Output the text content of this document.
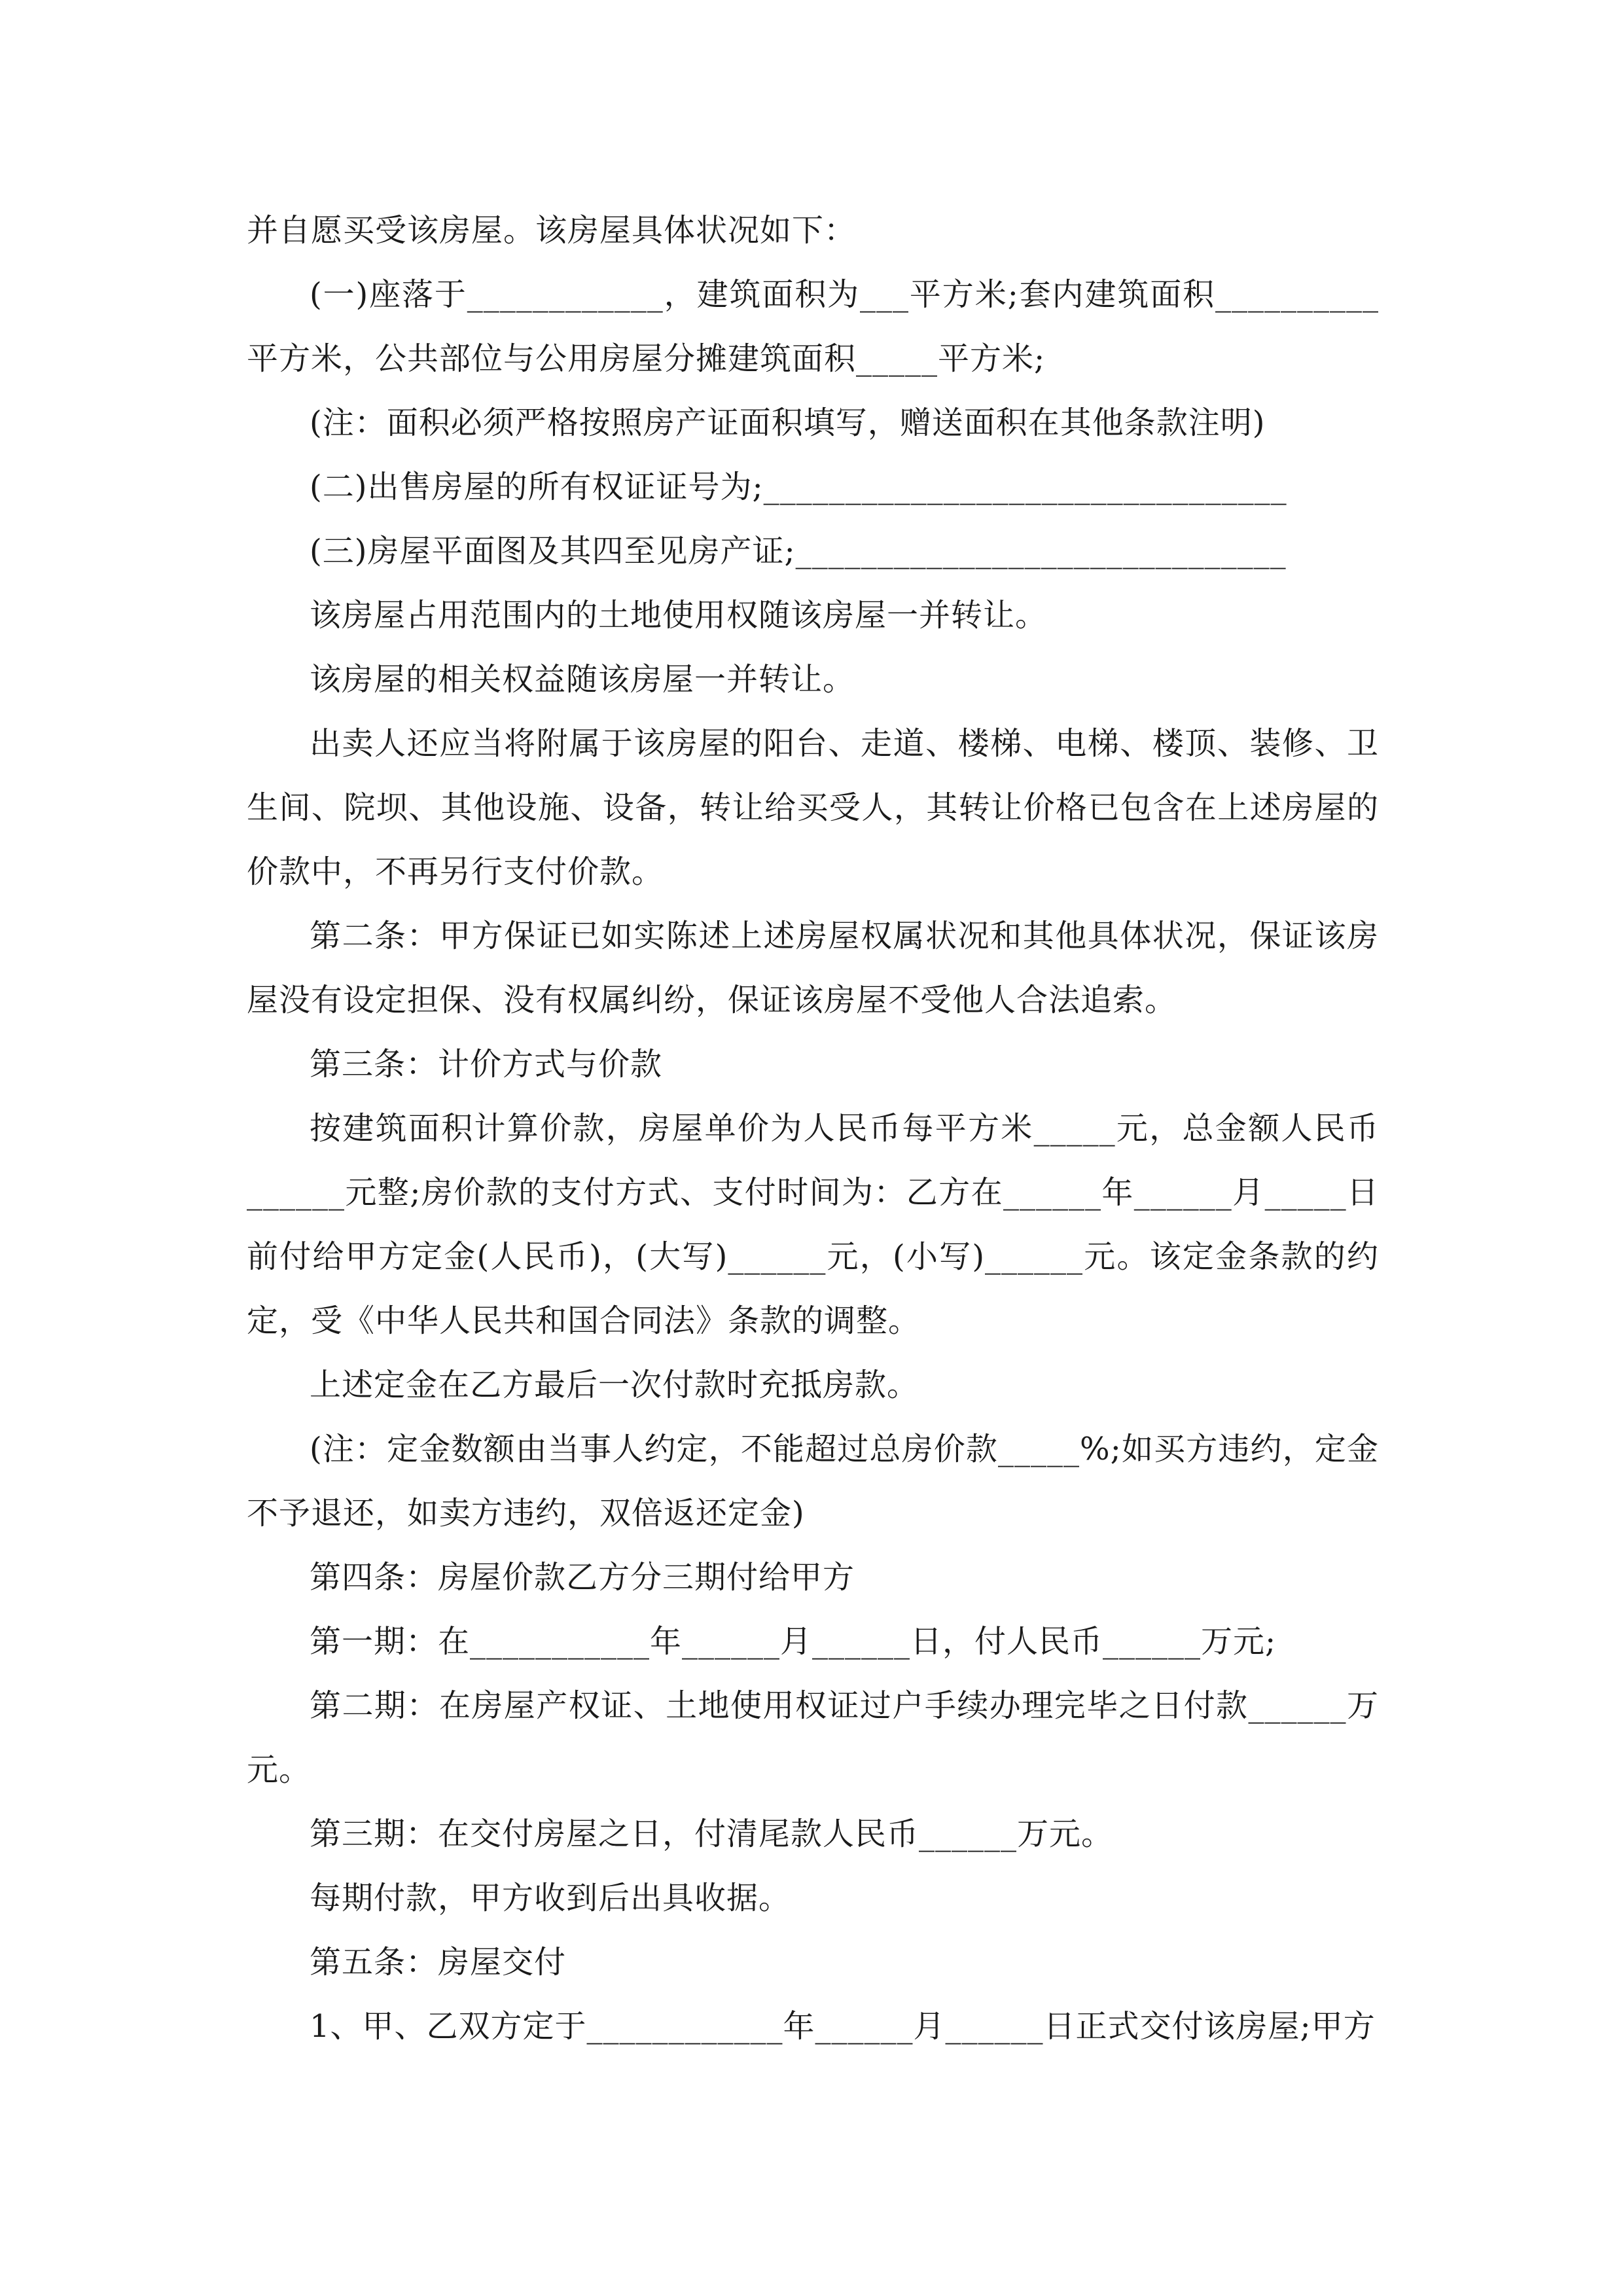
并自愿买受该房屋。该房屋具体状况如下：

(一)座落于____________，建筑面积为___平方米;套内建筑面积__________平方米，公共部位与公用房屋分摊建筑面积_____平方米;

(注：面积必须严格按照房产证面积填写，赠送面积在其他条款注明)

(二)出售房屋的所有权证证号为;________________________________

(三)房屋平面图及其四至见房产证;______________________________

该房屋占用范围内的土地使用权随该房屋一并转让。

该房屋的相关权益随该房屋一并转让。

出卖人还应当将附属于该房屋的阳台、走道、楼梯、电梯、楼顶、装修、卫生间、院坝、其他设施、设备，转让给买受人，其转让价格已包含在上述房屋的价款中，不再另行支付价款。

第二条：甲方保证已如实陈述上述房屋权属状况和其他具体状况，保证该房屋没有设定担保、没有权属纠纷，保证该房屋不受他人合法追索。

第三条：计价方式与价款

按建筑面积计算价款，房屋单价为人民币每平方米_____元，总金额人民币______元整;房价款的支付方式、支付时间为：乙方在______年______月_____日前付给甲方定金(人民币)，(大写)______元，(小写)______元。该定金条款的约定，受《中华人民共和国合同法》条款的调整。

上述定金在乙方最后一次付款时充抵房款。

(注：定金数额由当事人约定，不能超过总房价款_____%;如买方违约，定金不予退还，如卖方违约，双倍返还定金)

第四条：房屋价款乙方分三期付给甲方

第一期：在___________年______月______日，付人民币______万元;

第二期：在房屋产权证、土地使用权证过户手续办理完毕之日付款______万元。

第三期：在交付房屋之日，付清尾款人民币______万元。

每期付款，甲方收到后出具收据。

第五条：房屋交付

1、甲、乙双方定于____________年______月______日正式交付该房屋;甲方
